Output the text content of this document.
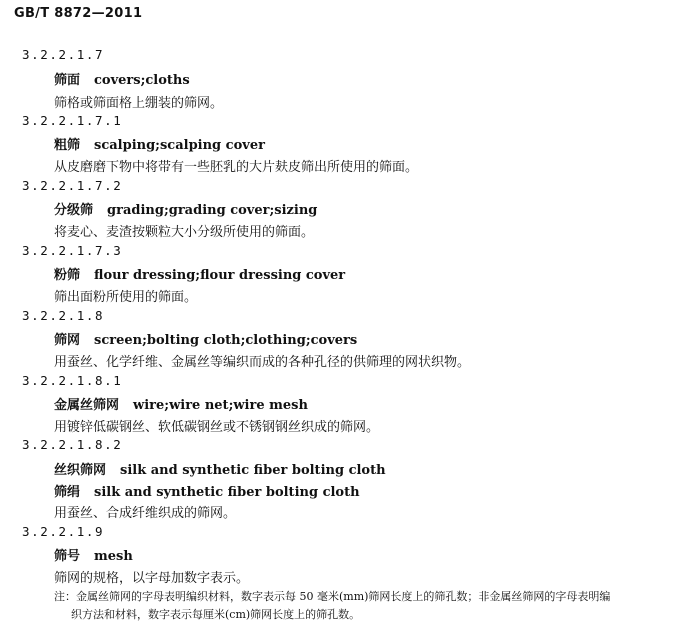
GB/T 8872—2011
3.2.2.1.7
筛面 covers;cloths
筛格或筛面格上绷装的筛网。
3.2.2.1.7.1
粗筛 scalping;scalping cover
从皮磨磨下物中将带有一些胚乳的大片麸皮筛出所使用的筛面。
3.2.2.1.7.2
分级筛 grading;grading cover;sizing
将麦心、麦渣按颗粒大小分级所使用的筛面。
3.2.2.1.7.3
粉筛 flour dressing;flour dressing cover
筛出面粉所使用的筛面。
3.2.2.1.8
筛网 screen;bolting cloth;clothing;covers
用蚕丝、化学纤维、金属丝等编织而成的各种孔径的供筛理的网状织物。
3.2.2.1.8.1
金属丝筛网 wire;wire net;wire mesh
用镀锌低碳钢丝、软低碳钢丝或不锈钢钢丝织成的筛网。
3.2.2.1.8.2
丝织筛网 silk and synthetic fiber bolting cloth
筛绢 silk and synthetic fiber bolting cloth
用蚕丝、合成纤维织成的筛网。
3.2.2.1.9
筛号 mesh
筛网的规格，以字母加数字表示。
注：金属丝筛网的字母表明编织材料，数字表示每 50 毫米(mm)筛网长度上的筛孔数；非金属丝筛网的字母表明编
织方法和材料，数字表示每厘米(cm)筛网长度上的筛孔数。
